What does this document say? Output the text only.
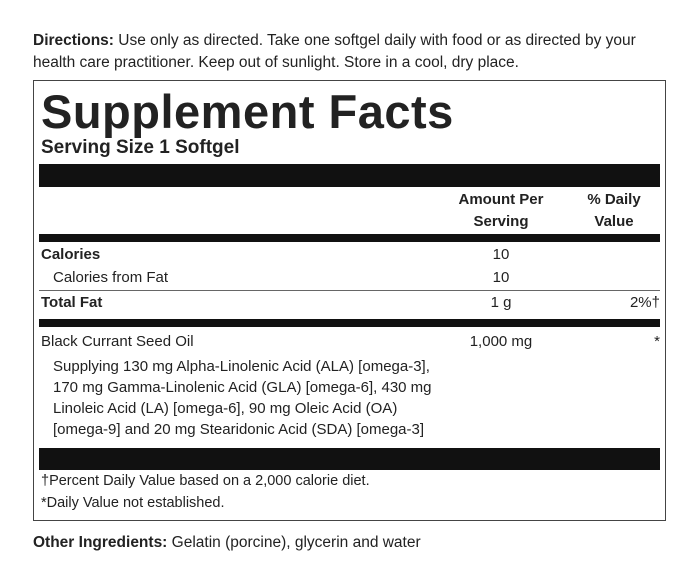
Directions: Use only as directed. Take one softgel daily with food or as directed by your health care practitioner. Keep out of sunlight. Store in a cool, dry place.
Supplement Facts
Serving Size 1 Softgel
Amount Per
Serving
% Daily
Value
Calories	10
Calories from Fat	10
Total Fat	1 g	2%†
Black Currant Seed Oil	1,000 mg	*
Supplying 130 mg Alpha-Linolenic Acid (ALA) [omega-3],
170 mg Gamma-Linolenic Acid (GLA) [omega-6], 430 mg
Linoleic Acid (LA) [omega-6], 90 mg Oleic Acid (OA)
[omega-9] and 20 mg Stearidonic Acid (SDA) [omega-3]
†Percent Daily Value based on a 2,000 calorie diet.
*Daily Value not established.
Other Ingredients: Gelatin (porcine), glycerin and water
